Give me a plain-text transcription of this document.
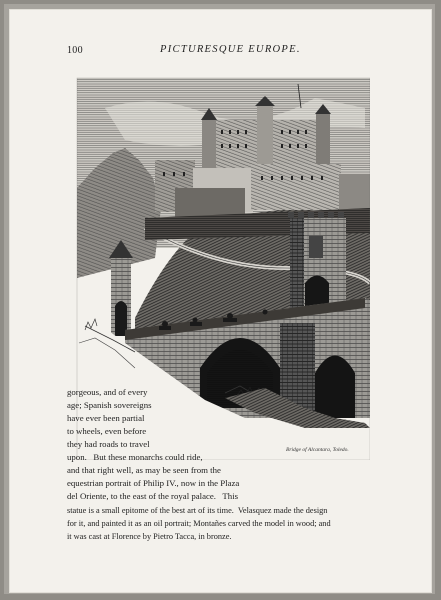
100	PICTURESQUE EUROPE.
Bridge of Alcantara, Toledo.
gorgeous, and of every
age; Spanish sovereigns
have ever been partial
to wheels, even before
they had roads to travel
upon.   But these monarchs could ride,
and that right well, as may be seen from the
equestrian portrait of Philip IV., now in the Plaza
del Oriente, to the east of the royal palace.   This
statue is a small epitome of the best art of its time.  Velasquez made the design
for it, and painted it as an oil portrait; Montañes carved the model in wood; and
it was cast at Florence by Pietro Tacca, in bronze.
